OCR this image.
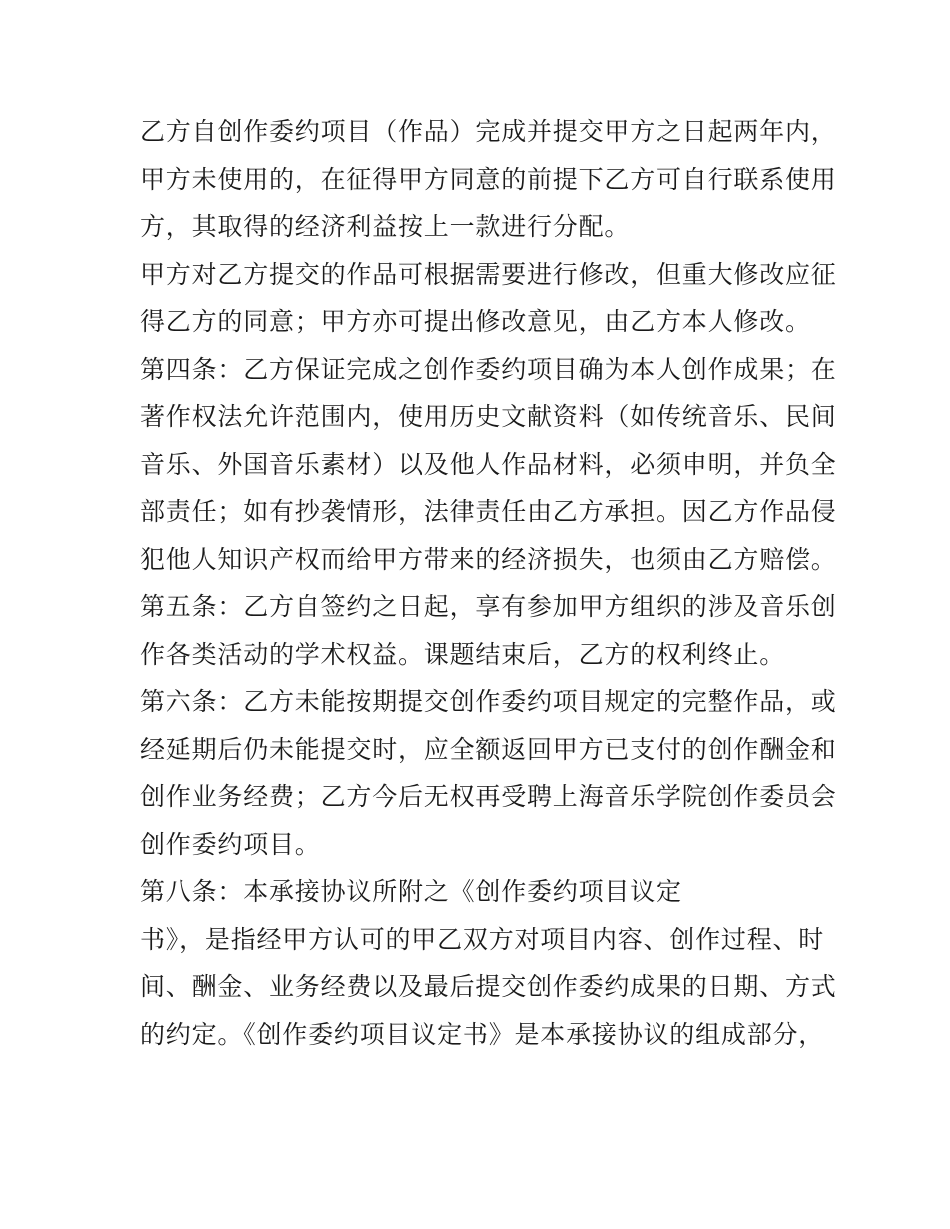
乙方自创作委约项目（作品）完成并提交甲方之日起两年内，
甲方未使用的，在征得甲方同意的前提下乙方可自行联系使用
方，其取得的经济利益按上一款进行分配。
甲方对乙方提交的作品可根据需要进行修改，但重大修改应征
得乙方的同意；甲方亦可提出修改意见，由乙方本人修改。
第四条：乙方保证完成之创作委约项目确为本人创作成果；在
著作权法允许范围内，使用历史文献资料（如传统音乐、民间
音乐、外国音乐素材）以及他人作品材料，必须申明，并负全
部责任；如有抄袭情形，法律责任由乙方承担。因乙方作品侵
犯他人知识产权而给甲方带来的经济损失，也须由乙方赔偿。
第五条：乙方自签约之日起，享有参加甲方组织的涉及音乐创
作各类活动的学术权益。课题结束后，乙方的权利终止。
第六条：乙方未能按期提交创作委约项目规定的完整作品，或
经延期后仍未能提交时，应全额返回甲方已支付的创作酬金和
创作业务经费；乙方今后无权再受聘上海音乐学院创作委员会
创作委约项目。
第八条：本承接协议所附之《创作委约项目议定
书》，是指经甲方认可的甲乙双方对项目内容、创作过程、时
间、酬金、业务经费以及最后提交创作委约成果的日期、方式
的约定。《创作委约项目议定书》是本承接协议的组成部分，
